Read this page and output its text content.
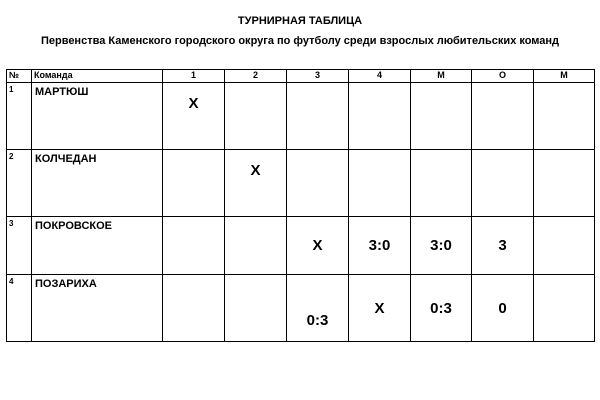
ТУРНИРНАЯ ТАБЛИЦА
Первенства Каменского городского округа по футболу среди взрослых любительских команд
№	Команда	1	2	3	4	М	О	М
1	МАРТЮШ	X						
2	КОЛЧЕДАН		X					
3	ПОКРОВСКОЕ			X	3:0	3:0	3	
4	ПОЗАРИХА			0:3	X	0:3	0	
